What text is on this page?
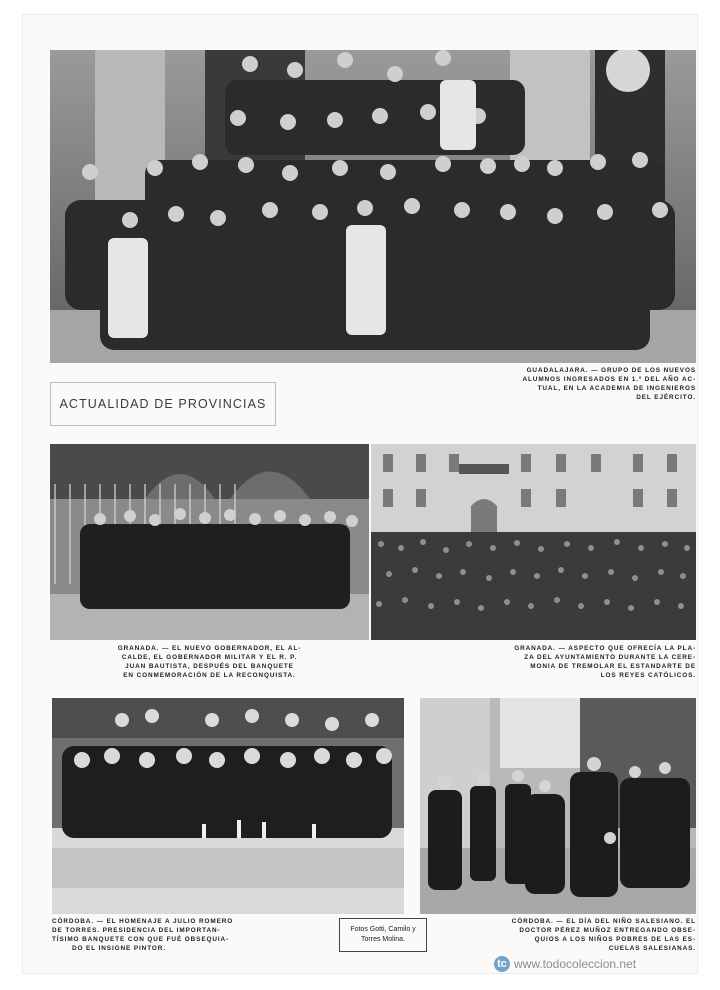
GUADALAJARA. — GRUPO DE LOS NUEVOS
ALUMNOS INGRESADOS EN 1.º DEL AÑO AC-
TUAL, EN LA ACADEMIA DE INGENIEROS
DEL EJÉRCITO.
ACTUALIDAD DE PROVINCIAS
GRANADA. — EL NUEVO GOBERNADOR, EL AL-
CALDE, EL GOBERNADOR MILITAR Y EL R. P.
JUAN BAUTISTA, DESPUÉS DEL BANQUETE
EN CONMEMORACIÓN DE LA RECONQUISTA.
GRANADA. — ASPECTO QUE OFRECÍA LA PLA-
ZA DEL AYUNTAMIENTO DURANTE LA CERE-
MONIA DE TREMOLAR EL ESTANDARTE DE
LOS REYES CATÓLICOS.
CÓRDOBA. — EL HOMENAJE A JULIO ROMERO
DE TORRES. PRESIDENCIA DEL IMPORTAN-
TÍSIMO BANQUETE CON QUE FUÉ OBSEQUIA-
DO EL INSIGNE PINTOR.
Fotos Gotti, Camilo y
Torres Molina.
CÓRDOBA. — EL DÍA DEL NIÑO SALESIANO. EL
DOCTOR PÉREZ MUÑOZ ENTREGANDO OBSE-
QUIOS A LOS NIÑOS POBRES DE LAS ES-
CUELAS SALESIANAS.
tc www.todocoleccion.net
